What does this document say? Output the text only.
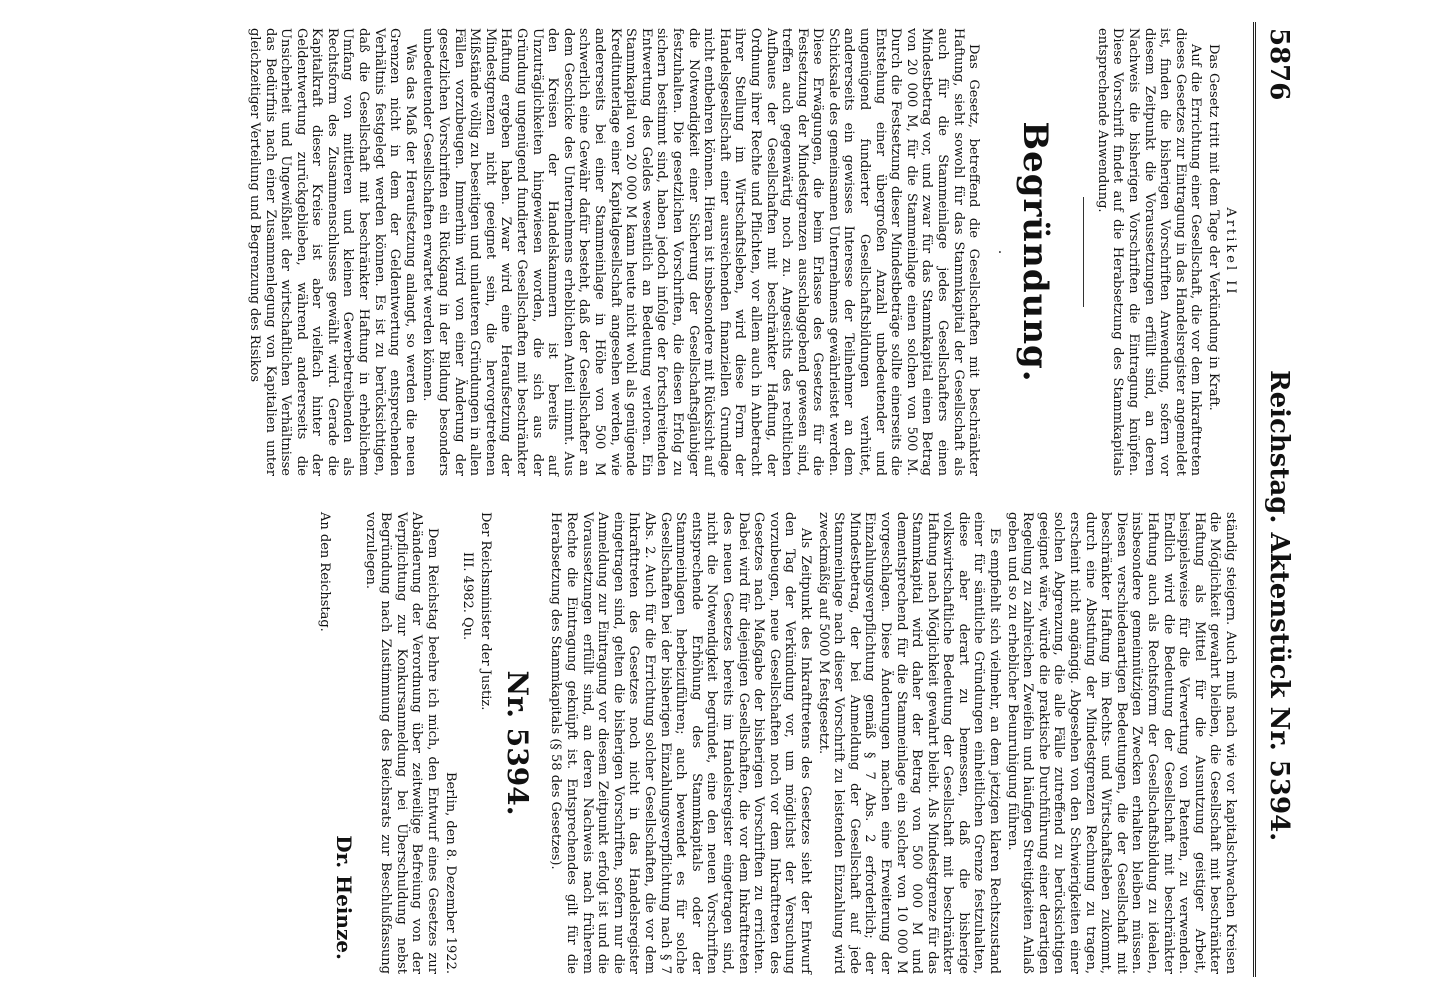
5876
Reichstag. Aktenstück Nr. 5394.

Artikel II

Das Gesetz tritt mit dem Tage der Verkündung in Kraft.

Auf die Errichtung einer Gesellschaft, die vor dem Inkrafttreten dieses Gesetzes zur Eintragung in das Handelsregister angemeldet ist, finden die bisherigen Vorschriften Anwendung, sofern vor diesem Zeitpunkt die Voraussetzungen erfüllt sind, an deren Nachweis die bisherigen Vorschriften die Eintragung knüpfen. Diese Vorschrift findet auf die Herabsetzung des Stammkapitals entsprechende Anwendung.

Begründung.
.

Das Gesetz, betreffend die Gesellschaften mit beschränkter Haftung, sieht sowohl für das Stammkapital der Gesellschaft als auch für die Stammeinlage jedes Gesellschafters einen Mindestbetrag vor, und zwar für das Stammkapital einen Betrag von 20 000 M, für die Stammeinlage einen solchen von 500 M. Durch die Festsetzung dieser Mindestbeträge sollte einerseits die Entstehung einer übergroßen Anzahl unbedeutender und ungenügend fundierter Gesellschaftsbildungen verhütet, andererseits ein gewisses Interesse der Teilnehmer an dem Schicksale des gemeinsamen Unternehmens gewährleistet werden. Diese Erwägungen, die beim Erlasse des Gesetzes für die Festsetzung der Mindestgrenzen ausschlaggebend gewesen sind, treffen auch gegenwärtig noch zu. Angesichts des rechtlichen Aufbaues der Gesellschaften mit beschränkter Haftung, der Ordnung ihrer Rechte und Pflichten, vor allem auch in Anbetracht ihrer Stellung im Wirtschaftsleben, wird diese Form der Handelsgesellschaft einer ausreichenden finanziellen Grundlage nicht entbehren können. Hieran ist insbesondere mit Rücksicht auf die Notwendigkeit einer Sicherung der Gesellschaftsgläubiger festzuhalten. Die gesetzlichen Vorschriften, die diesen Erfolg zu sichern bestimmt sind, haben jedoch infolge der fortschreitenden Entwertung des Geldes wesentlich an Bedeutung verloren. Ein Stammkapital von 20 000 M kann heute nicht wohl als genügende Kreditunterlage einer Kapitalgesellschaft angesehen werden, wie andererseits bei einer Stammeinlage in Höhe von 500 M schwerlich eine Gewähr dafür besteht, daß der Gesellschafter an dem Geschicke des Unternehmens erheblichen Anteil nimmt. Aus den Kreisen der Handelskammern ist bereits auf Unzuträglichkeiten hingewiesen worden, die sich aus der Gründung ungenügend fundierter Gesellschaften mit beschränkter Haftung ergeben haben. Zwar wird eine Heraufsetzung der Mindestgrenzen nicht geeignet sein, die hervorgetretenen Mißstände völlig zu beseitigen und unlauteren Gründungen in allen Fällen vorzubeugen. Immerhin wird von einer Änderung der gesetzlichen Vorschriften ein Rückgang in der Bildung besonders unbedeutender Gesellschaften erwartet werden können.

Was das Maß der Heraufsetzung anlangt, so werden die neuen Grenzen nicht in dem der Geldentwertung entsprechenden Verhältnis festgelegt werden können. Es ist zu berücksichtigen, daß die Gesellschaft mit beschränkter Haftung in erheblichem Umfang von mittleren und kleinen Gewerbetreibenden als Rechtsform des Zusammenschlusses gewählt wird. Gerade die Kapitalkraft dieser Kreise ist aber vielfach hinter der Geldentwertung zurückgeblieben, während andererseits die Unsicherheit und Ungewißheit der wirtschaftlichen Verhältnisse das Bedürfnis nach einer Zusammenlegung von Kapitalien unter gleichzeitiger Verteilung und Begrenzung des Risikos

ständig steigern. Auch muß nach wie vor kapitalschwachen Kreisen die Möglichkeit gewahrt bleiben, die Gesellschaft mit beschränkter Haftung als Mittel für die Ausnutzung geistiger Arbeit, beispielsweise für die Verwertung von Patenten, zu verwenden. Endlich wird die Bedeutung der Gesellschaft mit beschränkter Haftung auch als Rechtsform der Gesellschaftsbildung zu idealen, insbesondere gemeinnützigen Zwecken erhalten bleiben müssen. Diesen verschiedenartigen Bedeutungen, die der Gesellschaft mit beschränkter Haftung im Rechts- und Wirtschaftsleben zukommt, durch eine Abstufung der Mindestgrenzen Rechnung zu tragen, erscheint nicht angängig. Abgesehen von den Schwierigkeiten einer solchen Abgrenzung, die alle Fälle zutreffend zu berücksichtigen geeignet wäre, würde die praktische Durchführung einer derartigen Regelung zu zahlreichen Zweifeln und häufigen Streitigkeiten Anlaß geben und so zu erheblicher Beunruhigung führen.

Es empfiehlt sich vielmehr, an dem jetzigen klaren Rechtszustand einer für sämtliche Gründungen einheitlichen Grenze festzuhalten, diese aber derart zu bemessen, daß die bisherige volkswirtschaftliche Bedeutung der Gesellschaft mit beschränkter Haftung nach Möglichkeit gewahrt bleibt. Als Mindestgrenze für das Stammkapital wird daher der Betrag von 500 000 M und dementsprechend für die Stammeinlage ein solcher von 10 000 M vorgeschlagen. Diese Änderungen machen eine Erweiterung der Einzahlungsverpflichtung gemäß § 7 Abs. 2 erforderlich; der Mindestbetrag, der bei Anmeldung der Gesellschaft auf jede Stammeinlage nach dieser Vorschrift zu leistenden Einzahlung wird zweckmäßig auf 5000 M festgesetzt.

Als Zeitpunkt des Inkrafttretens des Gesetzes sieht der Entwurf den Tag der Verkündung vor, um möglichst der Versuchung vorzubeugen, neue Gesellschaften noch vor dem Inkrafttreten des Gesetzes nach Maßgabe der bisherigen Vorschriften zu errichten. Dabei wird für diejenigen Gesellschaften, die vor dem Inkrafttreten des neuen Gesetzes bereits im Handelsregister eingetragen sind, nicht die Notwendigkeit begründet, eine den neuen Vorschriften entsprechende Erhöhung des Stammkapitals oder der Stammeinlagen herbeizuführen; auch bewendet es für solche Gesellschaften bei der bisherigen Einzahlungsverpflichtung nach § 7 Abs. 2. Auch für die Errichtung solcher Gesellschaften, die vor dem Inkrafttreten des Gesetzes noch nicht in das Handelsregister eingetragen sind, gelten die bisherigen Vorschriften, sofern nur die Anmeldung zur Eintragung vor diesem Zeitpunkt erfolgt ist und die Voraussetzungen erfüllt sind, an deren Nachweis nach früherem Rechte die Eintragung geknüpft ist. Entsprechendes gilt für die Herabsetzung des Stammkapitals (§ 58 des Gesetzes).

Nr. 5394.

Der Reichsminister der Justiz.

III. 4982. Qu.

Berlin, den 8. Dezember 1922.

Dem Reichstag beehre ich mich, den Entwurf eines Gesetzes zur Abänderung der Verordnung über zeitweilige Befreiung von der Verpflichtung zur Konkursanmeldung bei Überschuldung nebst Begründung nach Zustimmung des Reichsrats zur Beschlußfassung vorzulegen.

Dr. Heinze.

An den Reichstag.
